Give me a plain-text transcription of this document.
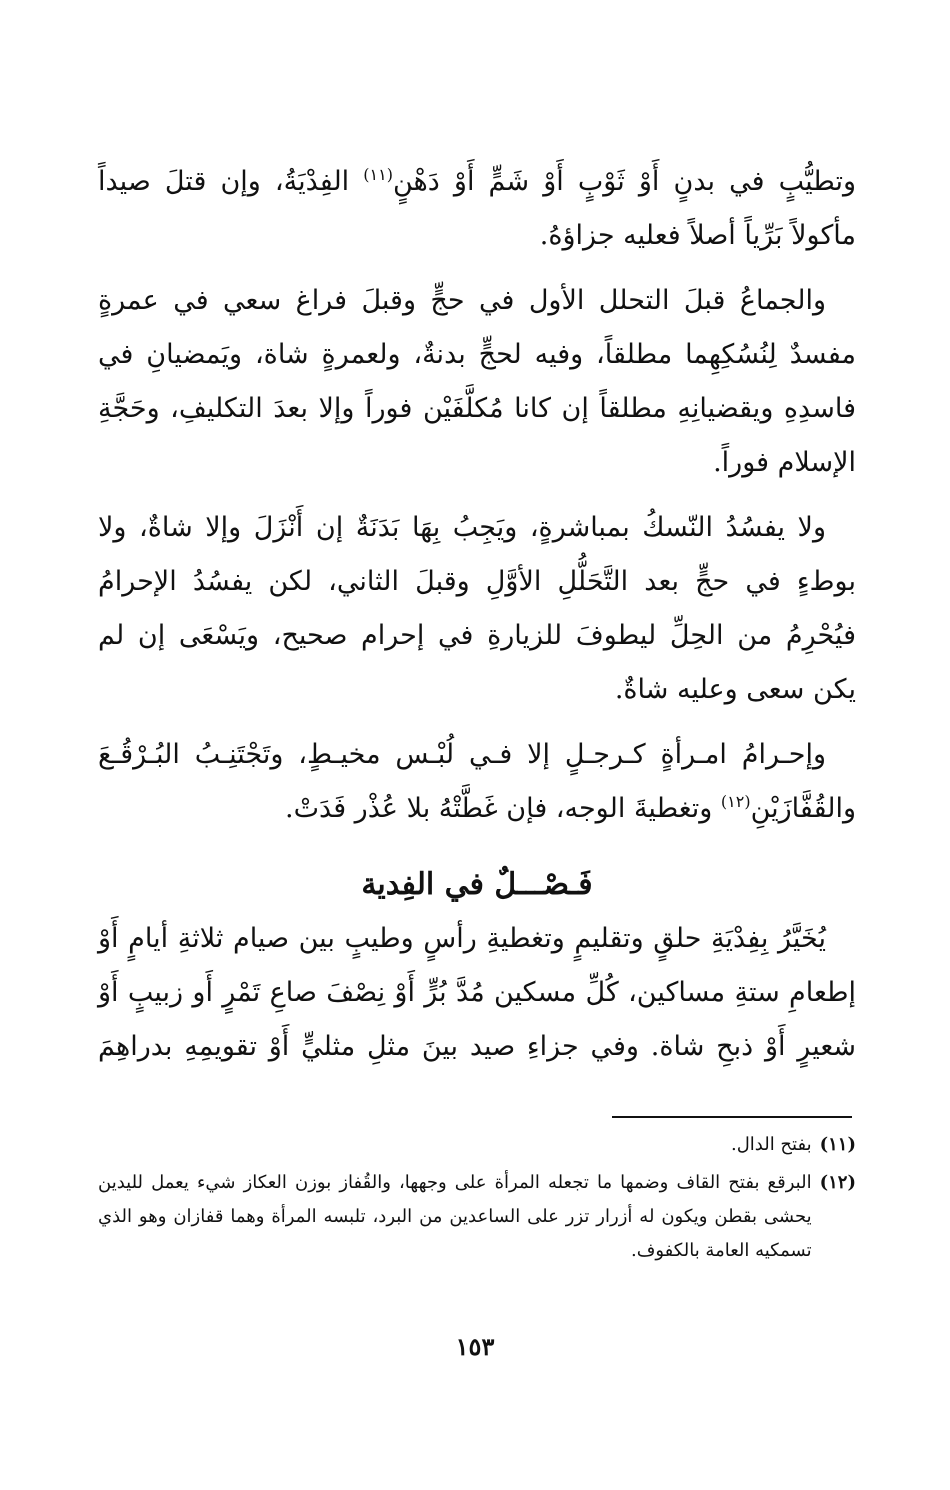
وتطيُّبٍ في بدنٍ أَوْ ثَوْبٍ أَوْ شَمٍّ أَوْ دَهْنٍ$^{(١١)}$ الفِدْيَةُ، وإن قتلَ صيداً مأكولاً بَرِّياً أصلاً فعليه جزاؤهُ.

والجماعُ قبلَ التحلل الأول في حجٍّ وقبلَ فراغ سعي في عمرةٍ مفسدٌ لِنُسُكِهِما مطلقاً، وفيه لحجٍّ بدنةٌ، ولعمرةٍ شاة، ويَمضيانِ في فاسدِهِ ويقضيانِهِ مطلقاً إن كانا مُكلَّفَيْن فوراً وإلا بعدَ التكليفِ، وحَجَّةِ الإسلام فوراً.

ولا يفسُدُ النّسكُ بمباشرةٍ، ويَجِبُ بِهَا بَدَنَةٌ إن أَنْزَلَ وإلا شاةٌ، ولا بوطءٍ في حجٍّ بعد التَّحَلُّلِ الأوَّلِ وقبلَ الثاني، لكن يفسُدُ الإحرامُ فيُحْرِمُ من الحِلِّ ليطوفَ للزيارةِ في إحرام صحيح، ويَسْعَى إن لم يكن سعى وعليه شاةٌ.

وإحـرامُ امـرأةٍ كـرجـلٍ إلا فـي لُبْـس مخيـطٍ، وتَجْتَنِـبُ البُـرْقُـعَ والقُفَّازَيْنِ$^{(١٢)}$ وتغطيةَ الوجه، فإن غَطَّتْهُ بلا عُذْر فَدَتْ.

فَـصْـــلٌ في الفِدية
يُخَيَّرُ بِفِدْيَةِ حلقٍ وتقليمٍ وتغطيةِ رأسٍ وطيبٍ بين صيام ثلاثةِ أيامٍ أَوْ إطعامِ ستةِ مساكين، كُلِّ مسكين مُدَّ بُرٍّ أَوْ نِصْفَ صاعِ تَمْرٍ أَو زبيبٍ أَوْ شعيرٍ أَوْ ذبحِ شاة. وفي جزاءِ صيد بينَ مثلِ مثليٍّ أَوْ تقويمِهِ بدراهِمَ
(١١)
بفتح الدال.
(١٢)
البرقع بفتح القاف وضمها ما تجعله المرأة على وجهها، والقُفاز بوزن العكاز شيء يعمل لليدين يحشى بقطن ويكون له أزرار تزر على الساعدين من البرد، تلبسه المرأة وهما قفازان وهو الذي تسمكيه العامة بالكفوف.
١٥٣
